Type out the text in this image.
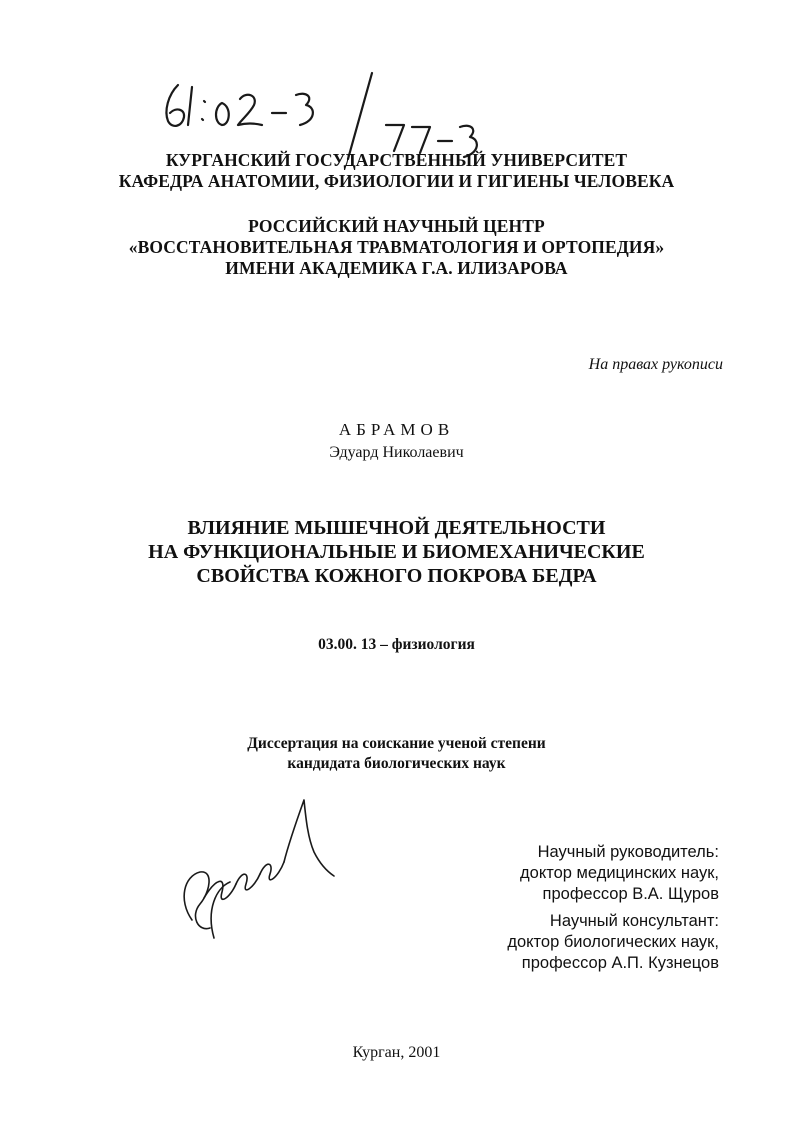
КУРГАНСКИЙ ГОСУДАРСТВЕННЫЙ УНИВЕРСИТЕТ
КАФЕДРА АНАТОМИИ, ФИЗИОЛОГИИ И ГИГИЕНЫ ЧЕЛОВЕКА
РОССИЙСКИЙ НАУЧНЫЙ ЦЕНТР
«ВОССТАНОВИТЕЛЬНАЯ ТРАВМАТОЛОГИЯ И ОРТОПЕДИЯ»
ИМЕНИ АКАДЕМИКА Г.А. ИЛИЗАРОВА
На правах рукописи
АБРАМОВ
Эдуард Николаевич
ВЛИЯНИЕ МЫШЕЧНОЙ ДЕЯТЕЛЬНОСТИ
НА ФУНКЦИОНАЛЬНЫЕ И БИОМЕХАНИЧЕСКИЕ
СВОЙСТВА КОЖНОГО ПОКРОВА БЕДРА
03.00. 13 – физиология
Диссертация на соискание ученой степени
кандидата биологических наук
Научный руководитель:
доктор медицинских наук,
профессор В.А. Щуров
Научный консультант:
доктор биологических наук,
профессор А.П. Кузнецов
Курган, 2001
